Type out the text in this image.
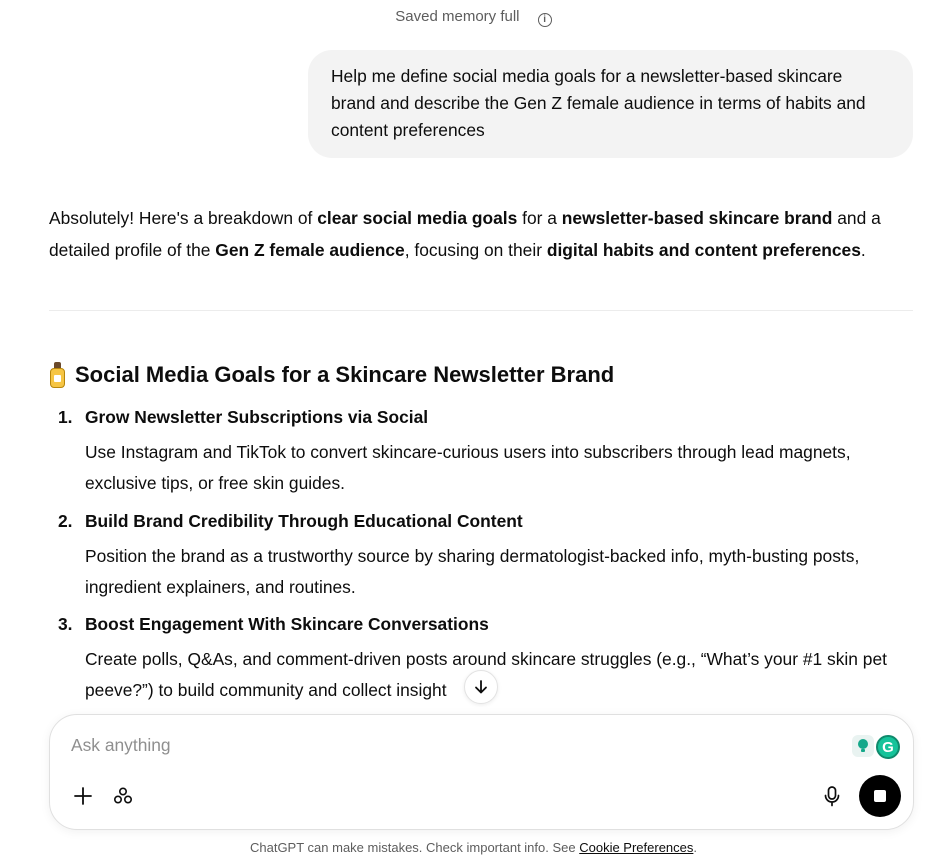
Saved memory full i
Help me define social media goals for a newsletter-based skincare brand and describe the Gen Z female audience in terms of habits and content preferences
Absolutely! Here's a breakdown of clear social media goals for a newsletter-based skincare brand and a detailed profile of the Gen Z female audience, focusing on their digital habits and content preferences.
Social Media Goals for a Skincare Newsletter Brand
1. Grow Newsletter Subscriptions via Social
Use Instagram and TikTok to convert skincare-curious users into subscribers through lead magnets, exclusive tips, or free skin guides.
2. Build Brand Credibility Through Educational Content
Position the brand as a trustworthy source by sharing dermatologist-backed info, myth-busting posts, ingredient explainers, and routines.
3. Boost Engagement With Skincare Conversations
Create polls, Q&As, and comment-driven posts around skincare struggles (e.g., “What’s your #1 skin pet peeve?”) to build community and collect insight
Ask anything
G
ChatGPT can make mistakes. Check important info. See Cookie Preferences.
